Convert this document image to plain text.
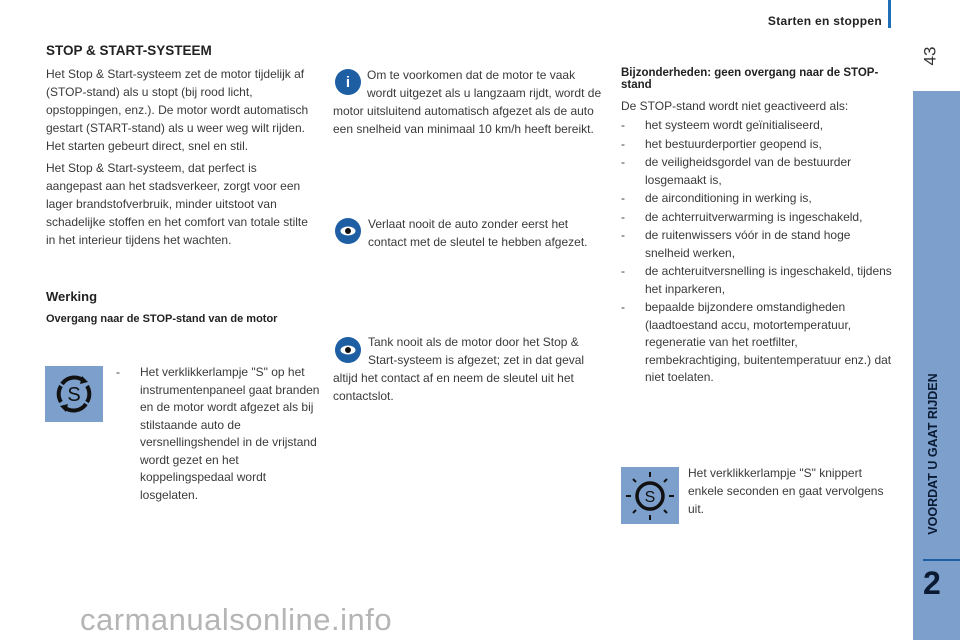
Starten en stoppen
43
VOORDAT U GAAT RIJDEN
2
STOP & START-SYSTEEM

Het Stop & Start-systeem zet de motor tijdelijk af (STOP-stand) als u stopt (bij rood licht, opstoppingen, enz.). De motor wordt automatisch gestart (START-stand) als u weer weg wilt rijden. Het starten gebeurt direct, snel en stil.

Het Stop & Start-systeem, dat perfect is aangepast aan het stadsverkeer, zorgt voor een lager brandstofverbruik, minder uitstoot van schadelijke stoffen en het comfort van totale stilte in het interieur tijdens het wachten.

Werking
Overgang naar de STOP-stand van de motor
S
- Het verklikkerlampje "S" op het instrumentenpaneel gaat branden en de motor wordt afgezet als bij stilstaande auto de versnellingshendel in de vrijstand wordt gezet en het koppelingspedaal wordt losgelaten.
i	Om te voorkomen dat de motor te vaak wordt uitgezet als u langzaam rijdt, wordt de motor uitsluitend automatisch afgezet als de auto een snelheid van minimaal 10 km/h heeft bereikt.

Verlaat nooit de auto zonder eerst het contact met de sleutel te hebben afgezet.

Tank nooit als de motor door het Stop & Start-systeem is afgezet; zet in dat geval altijd het contact af en neem de sleutel uit het contactslot.

Bijzonderheden: geen overgang naar de STOP-stand

De STOP-stand wordt niet geactiveerd als:

- het systeem wordt geïnitialiseerd,
- het bestuurderportier geopend is,
- de veiligheidsgordel van de bestuurder losgemaakt is,
- de airconditioning in werking is,
- de achterruitverwarming is ingeschakeld,
- de ruitenwissers vóór in de stand hoge snelheid werken,
- de achteruitversnelling is ingeschakeld, tijdens het inparkeren,
- bepaalde bijzondere omstandigheden (laadtoestand accu, motortemperatuur, regeneratie van het roetfilter, rembekrachtiging, buitentemperatuur enz.) dat niet toelaten.
S

Het verklikkerlampje "S" knippert enkele seconden en gaat vervolgens uit.

carmanualsonline.info
